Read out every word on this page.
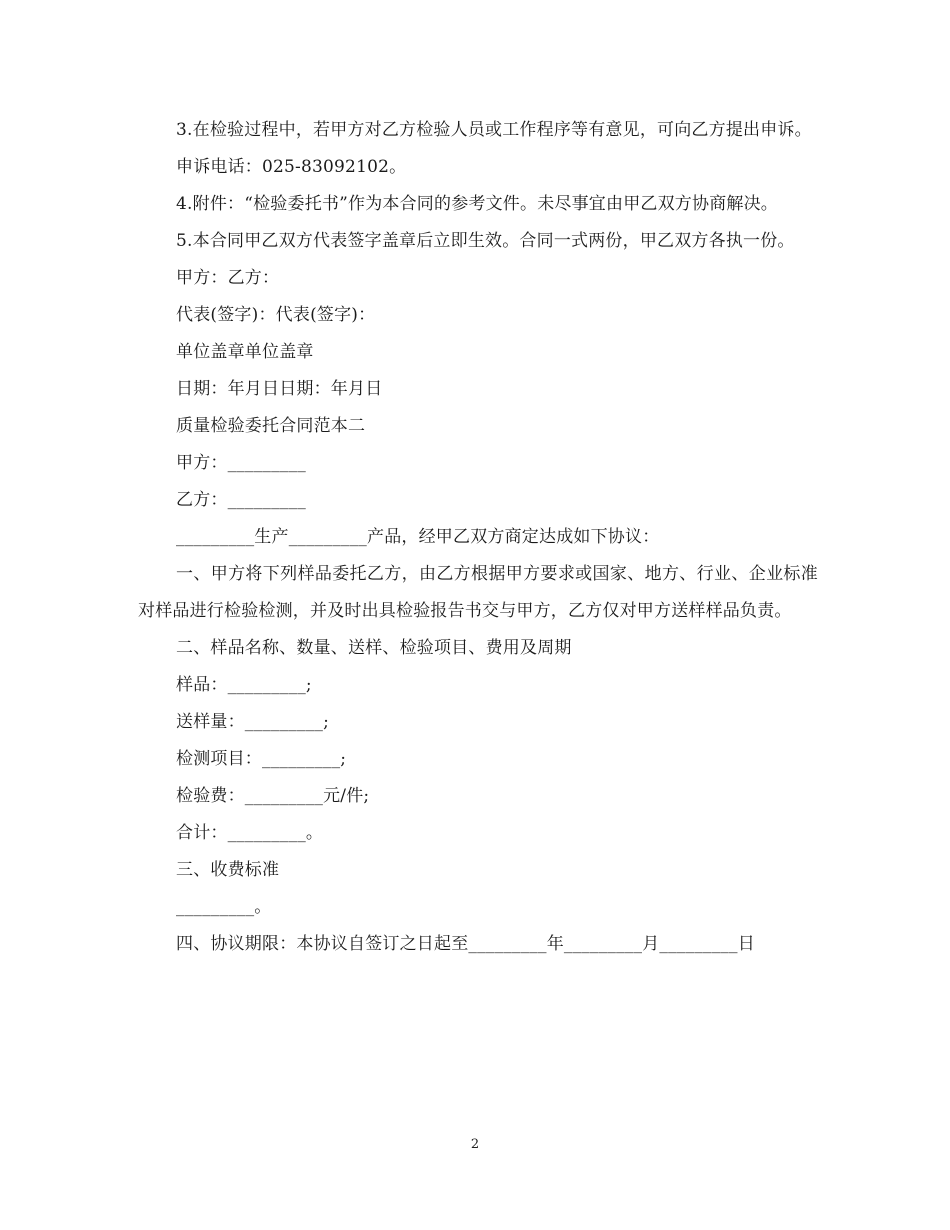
3.在检验过程中，若甲方对乙方检验人员或工作程序等有意见，可向乙方提出申诉。

申诉电话：025-83092102。

4.附件：“检验委托书”作为本合同的参考文件。未尽事宜由甲乙双方协商解决。

5.本合同甲乙双方代表签字盖章后立即生效。合同一式两份，甲乙双方各执一份。

甲方：乙方：

代表(签字)：代表(签字)：

单位盖章单位盖章

日期：年月日日期：年月日

质量检验委托合同范本二

甲方：_________

乙方：_________

_________生产_________产品，经甲乙双方商定达成如下协议：

一、甲方将下列样品委托乙方，由乙方根据甲方要求或国家、地方、行业、企业标准对样品进行检验检测，并及时出具检验报告书交与甲方，乙方仅对甲方送样样品负责。

二、样品名称、数量、送样、检验项目、费用及周期

样品：_________;

送样量：_________;

检测项目：_________;

检验费：_________元/件;

合计：_________。

三、收费标准

_________。

四、协议期限：本协议自签订之日起至_________年_________月_________日

2
